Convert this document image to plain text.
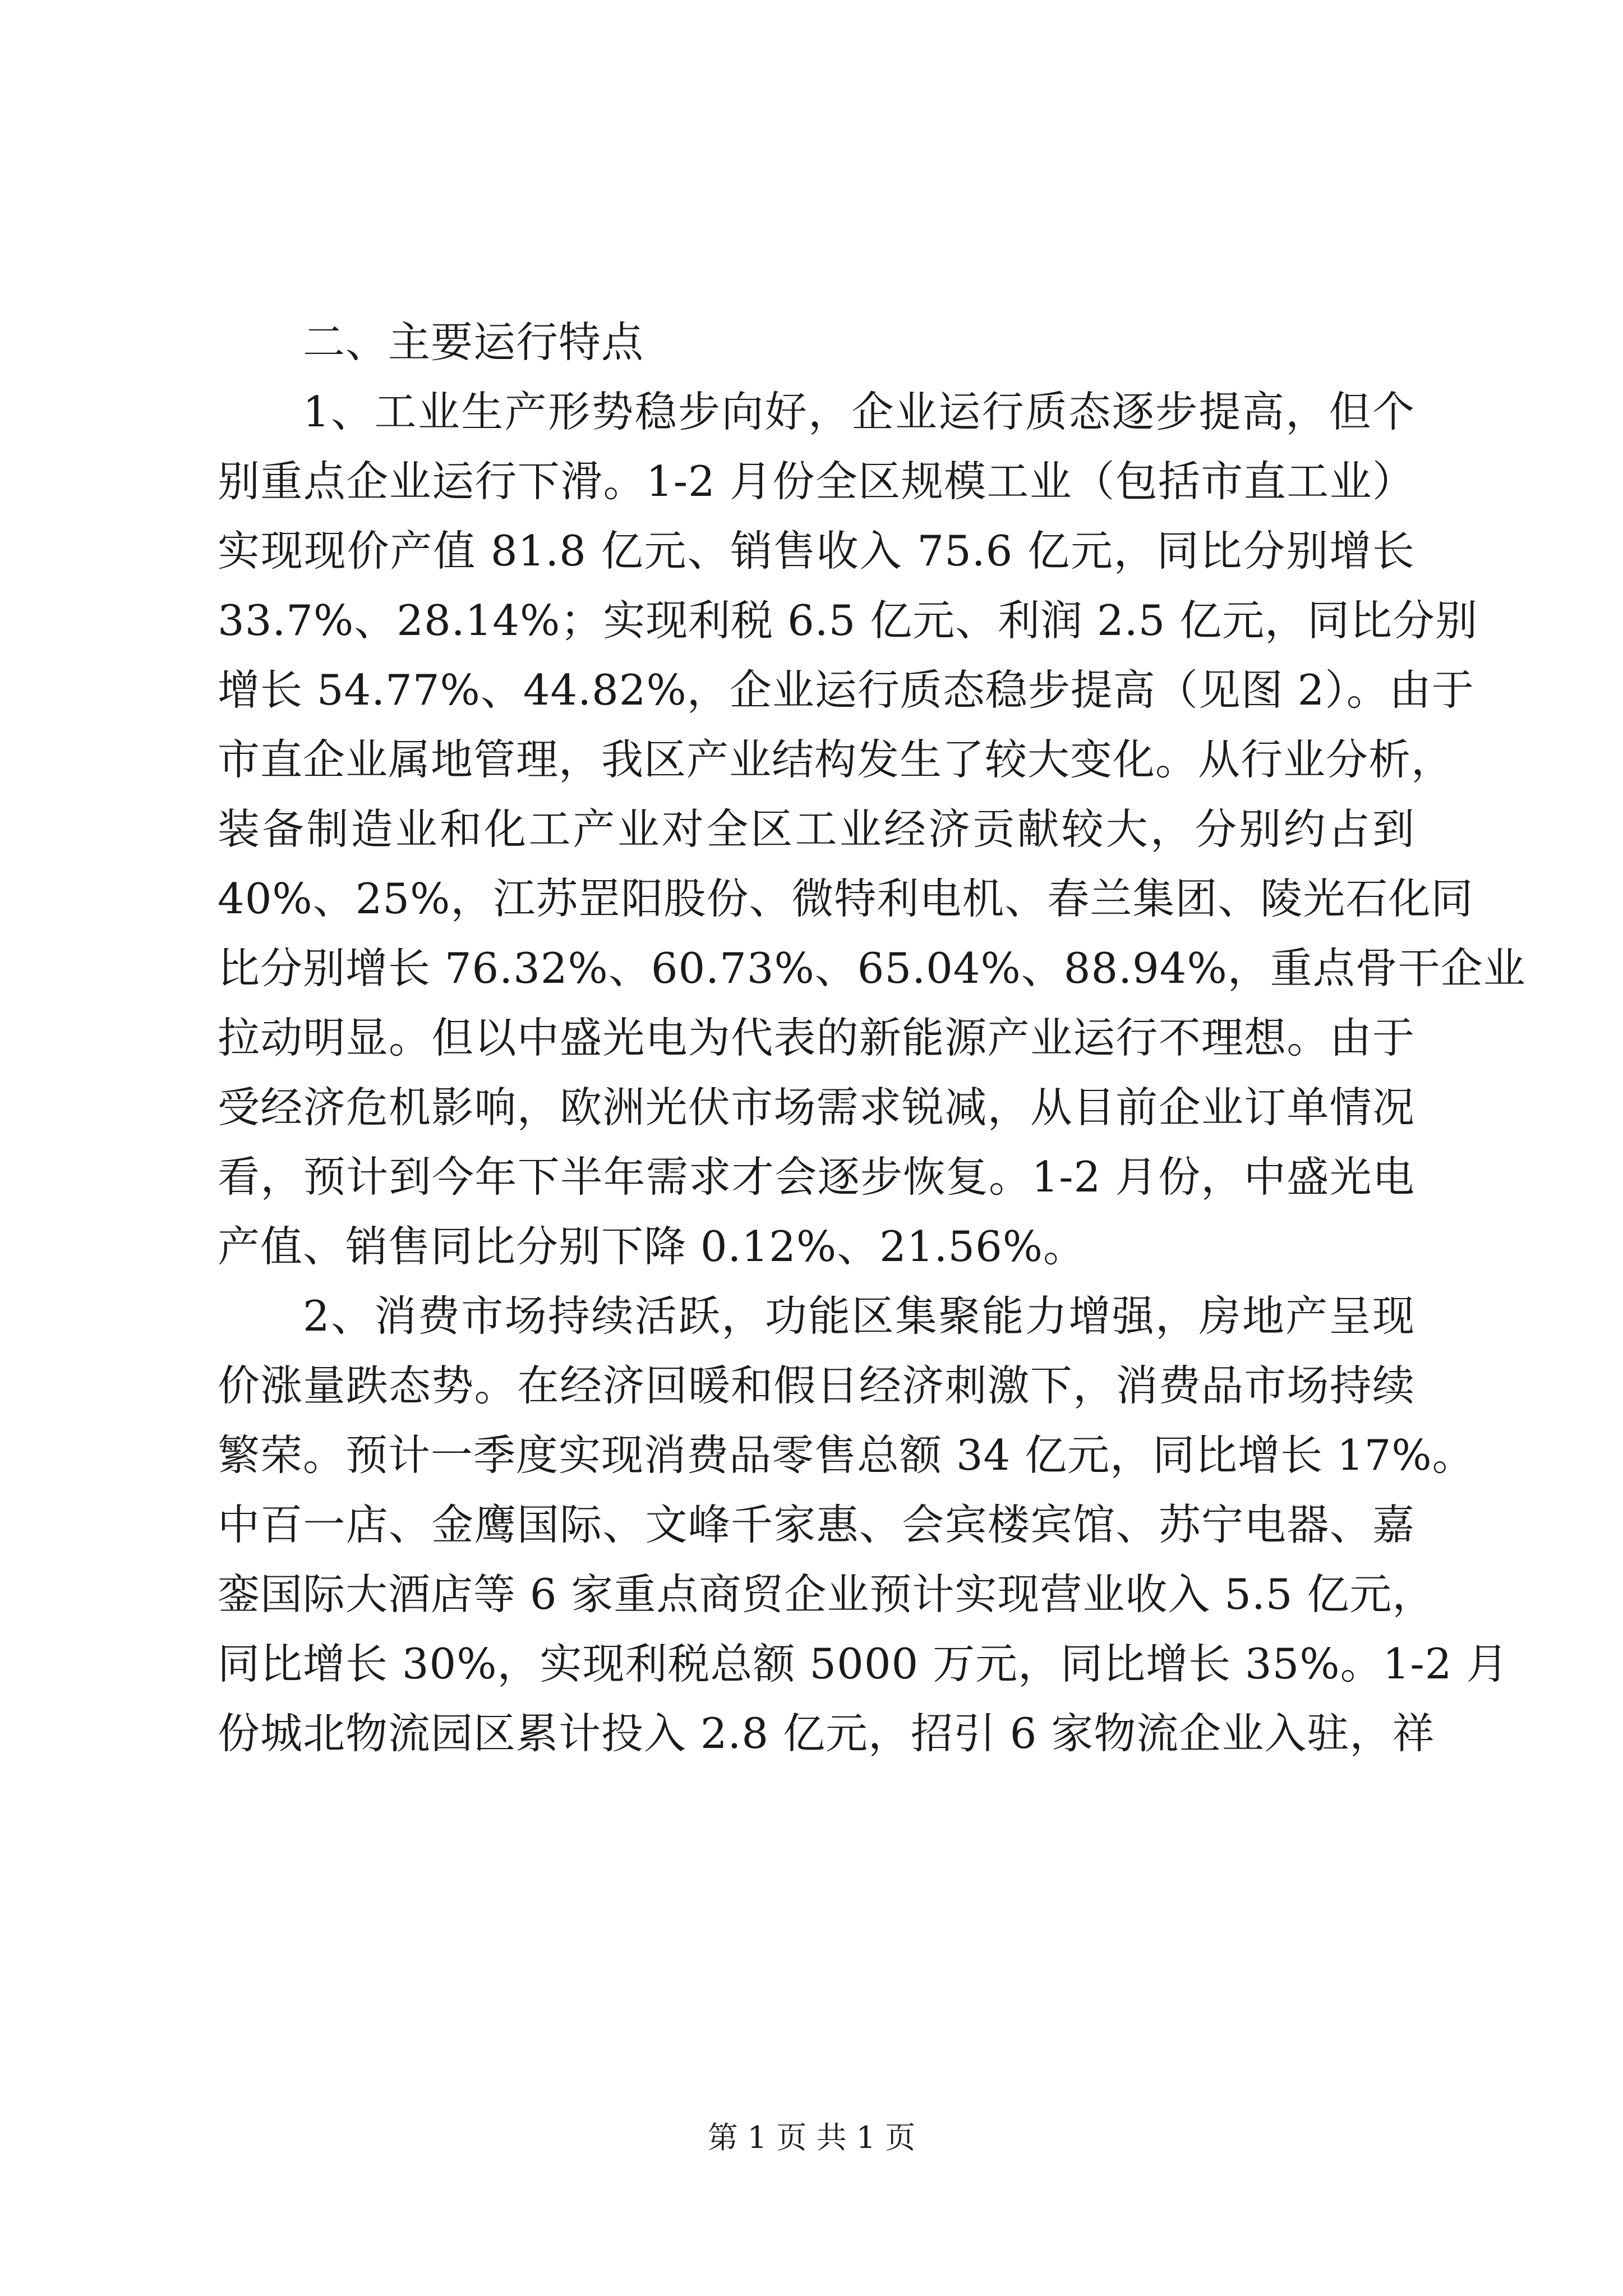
二、主要运行特点
1、工业生产形势稳步向好，企业运行质态逐步提高，但个
别重点企业运行下滑。1-2 月份全区规模工业（包括市直工业）
实现现价产值 81.8 亿元、销售收入 75.6 亿元，同比分别增长
33.7%、28.14%；实现利税 6.5 亿元、利润 2.5 亿元，同比分别
增长 54.77%、44.82%，企业运行质态稳步提高（见图 2）。由于
市直企业属地管理，我区产业结构发生了较大变化。从行业分析，
装备制造业和化工产业对全区工业经济贡献较大，分别约占到
40%、25%，江苏罡阳股份、微特利电机、春兰集团、陵光石化同
比分别增长 76.32%、60.73%、65.04%、88.94%，重点骨干企业
拉动明显。但以中盛光电为代表的新能源产业运行不理想。由于
受经济危机影响，欧洲光伏市场需求锐减，从目前企业订单情况
看，预计到今年下半年需求才会逐步恢复。1-2 月份，中盛光电
产值、销售同比分别下降 0.12%、21.56%。
2、消费市场持续活跃，功能区集聚能力增强，房地产呈现
价涨量跌态势。在经济回暖和假日经济刺激下，消费品市场持续
繁荣。预计一季度实现消费品零售总额 34 亿元，同比增长 17%。
中百一店、金鹰国际、文峰千家惠、会宾楼宾馆、苏宁电器、嘉
銮国际大酒店等 6 家重点商贸企业预计实现营业收入 5.5 亿元，
同比增长 30%，实现利税总额 5000 万元，同比增长 35%。1-2 月
份城北物流园区累计投入 2.8 亿元，招引 6 家物流企业入驻，祥
第 1 页 共 1 页
